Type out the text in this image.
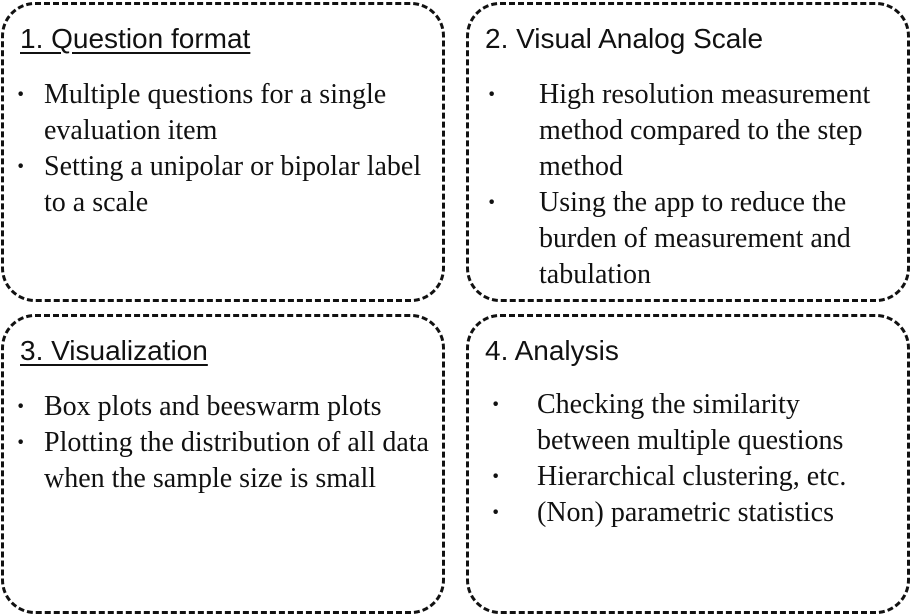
1. Question format
· Multiple questions for a single evaluation item
· Setting a unipolar or bipolar label to a scale
2. Visual Analog Scale
·	High resolution measurement method compared to the step method
·	Using the app to reduce the burden of measurement and tabulation
3. Visualization
· Box plots and beeswarm plots
· Plotting the distribution of all data when the sample size is small
4. Analysis
·	Checking the similarity between multiple questions
·	Hierarchical clustering, etc.
·	(Non) parametric statistics
